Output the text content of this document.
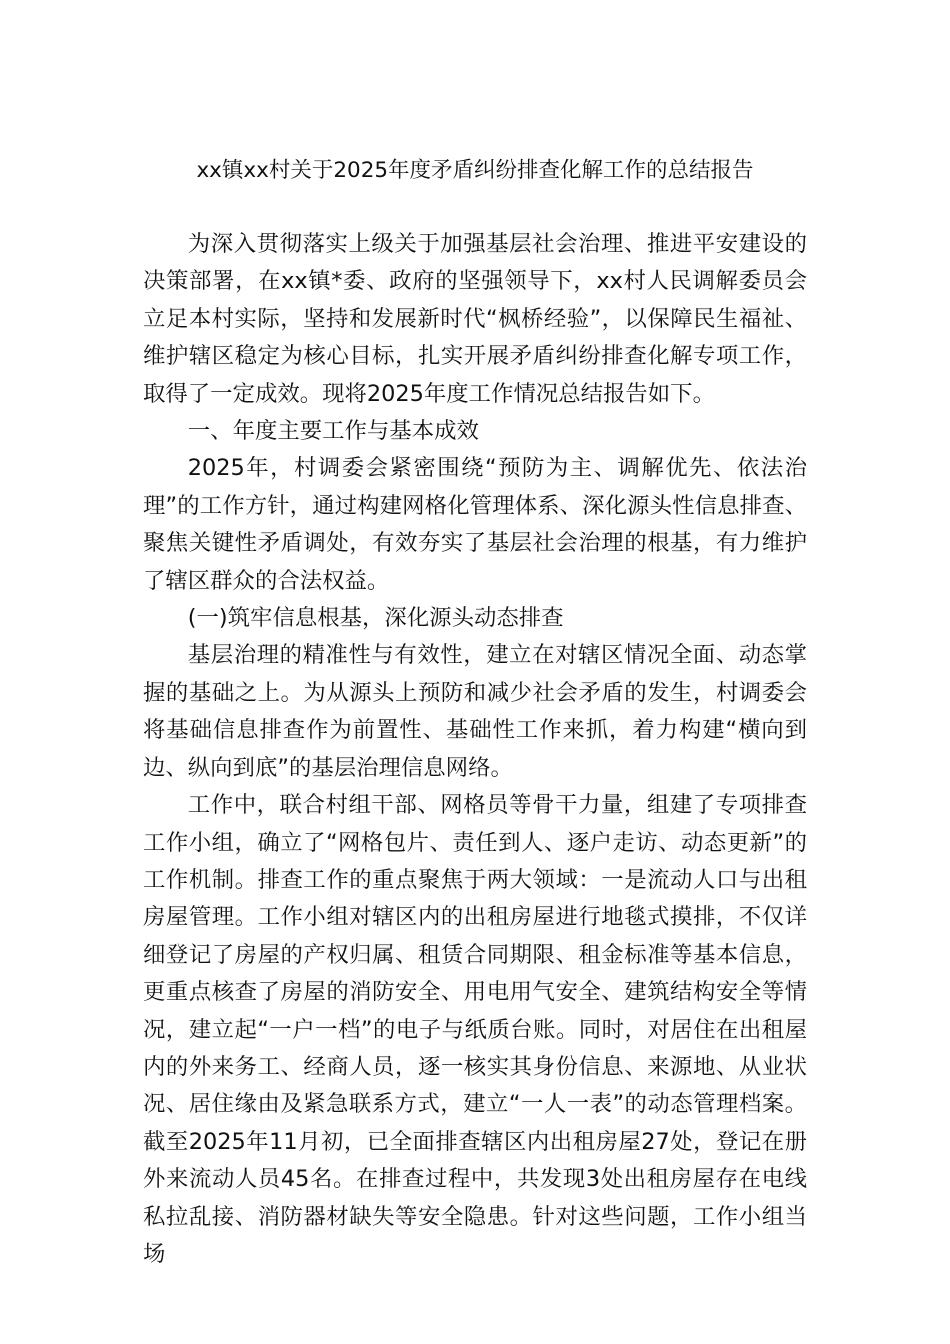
xx镇xx村关于2025年度矛盾纠纷排查化解工作的总结报告

为深入贯彻落实上级关于加强基层社会治理、推进平安建设的决策部署，在xx镇*委、政府的坚强领导下，xx村人民调解委员会立足本村实际，坚持和发展新时代“枫桥经验”，以保障民生福祉、维护辖区稳定为核心目标，扎实开展矛盾纠纷排查化解专项工作，取得了一定成效。现将2025年度工作情况总结报告如下。

一、年度主要工作与基本成效

2025年，村调委会紧密围绕“预防为主、调解优先、依法治理”的工作方针，通过构建网格化管理体系、深化源头性信息排查、聚焦关键性矛盾调处，有效夯实了基层社会治理的根基，有力维护了辖区群众的合法权益。

(一)筑牢信息根基，深化源头动态排查

基层治理的精准性与有效性，建立在对辖区情况全面、动态掌握的基础之上。为从源头上预防和减少社会矛盾的发生，村调委会将基础信息排查作为前置性、基础性工作来抓，着力构建“横向到边、纵向到底”的基层治理信息网络。

工作中，联合村组干部、网格员等骨干力量，组建了专项排查工作小组，确立了“网格包片、责任到人、逐户走访、动态更新”的工作机制。排查工作的重点聚焦于两大领域：一是流动人口与出租房屋管理。工作小组对辖区内的出租房屋进行地毯式摸排，不仅详细登记了房屋的产权归属、租赁合同期限、租金标准等基本信息，更重点核查了房屋的消防安全、用电用气安全、建筑结构安全等情况，建立起“一户一档”的电子与纸质台账。同时，对居住在出租屋内的外来务工、经商人员，逐一核实其身份信息、来源地、从业状况、居住缘由及紧急联系方式，建立“一人一表”的动态管理档案。截至2025年11月初，已全面排查辖区内出租房屋27处，登记在册外来流动人员45名。在排查过程中，共发现3处出租房屋存在电线私拉乱接、消防器材缺失等安全隐患。针对这些问题，工作小组当场
